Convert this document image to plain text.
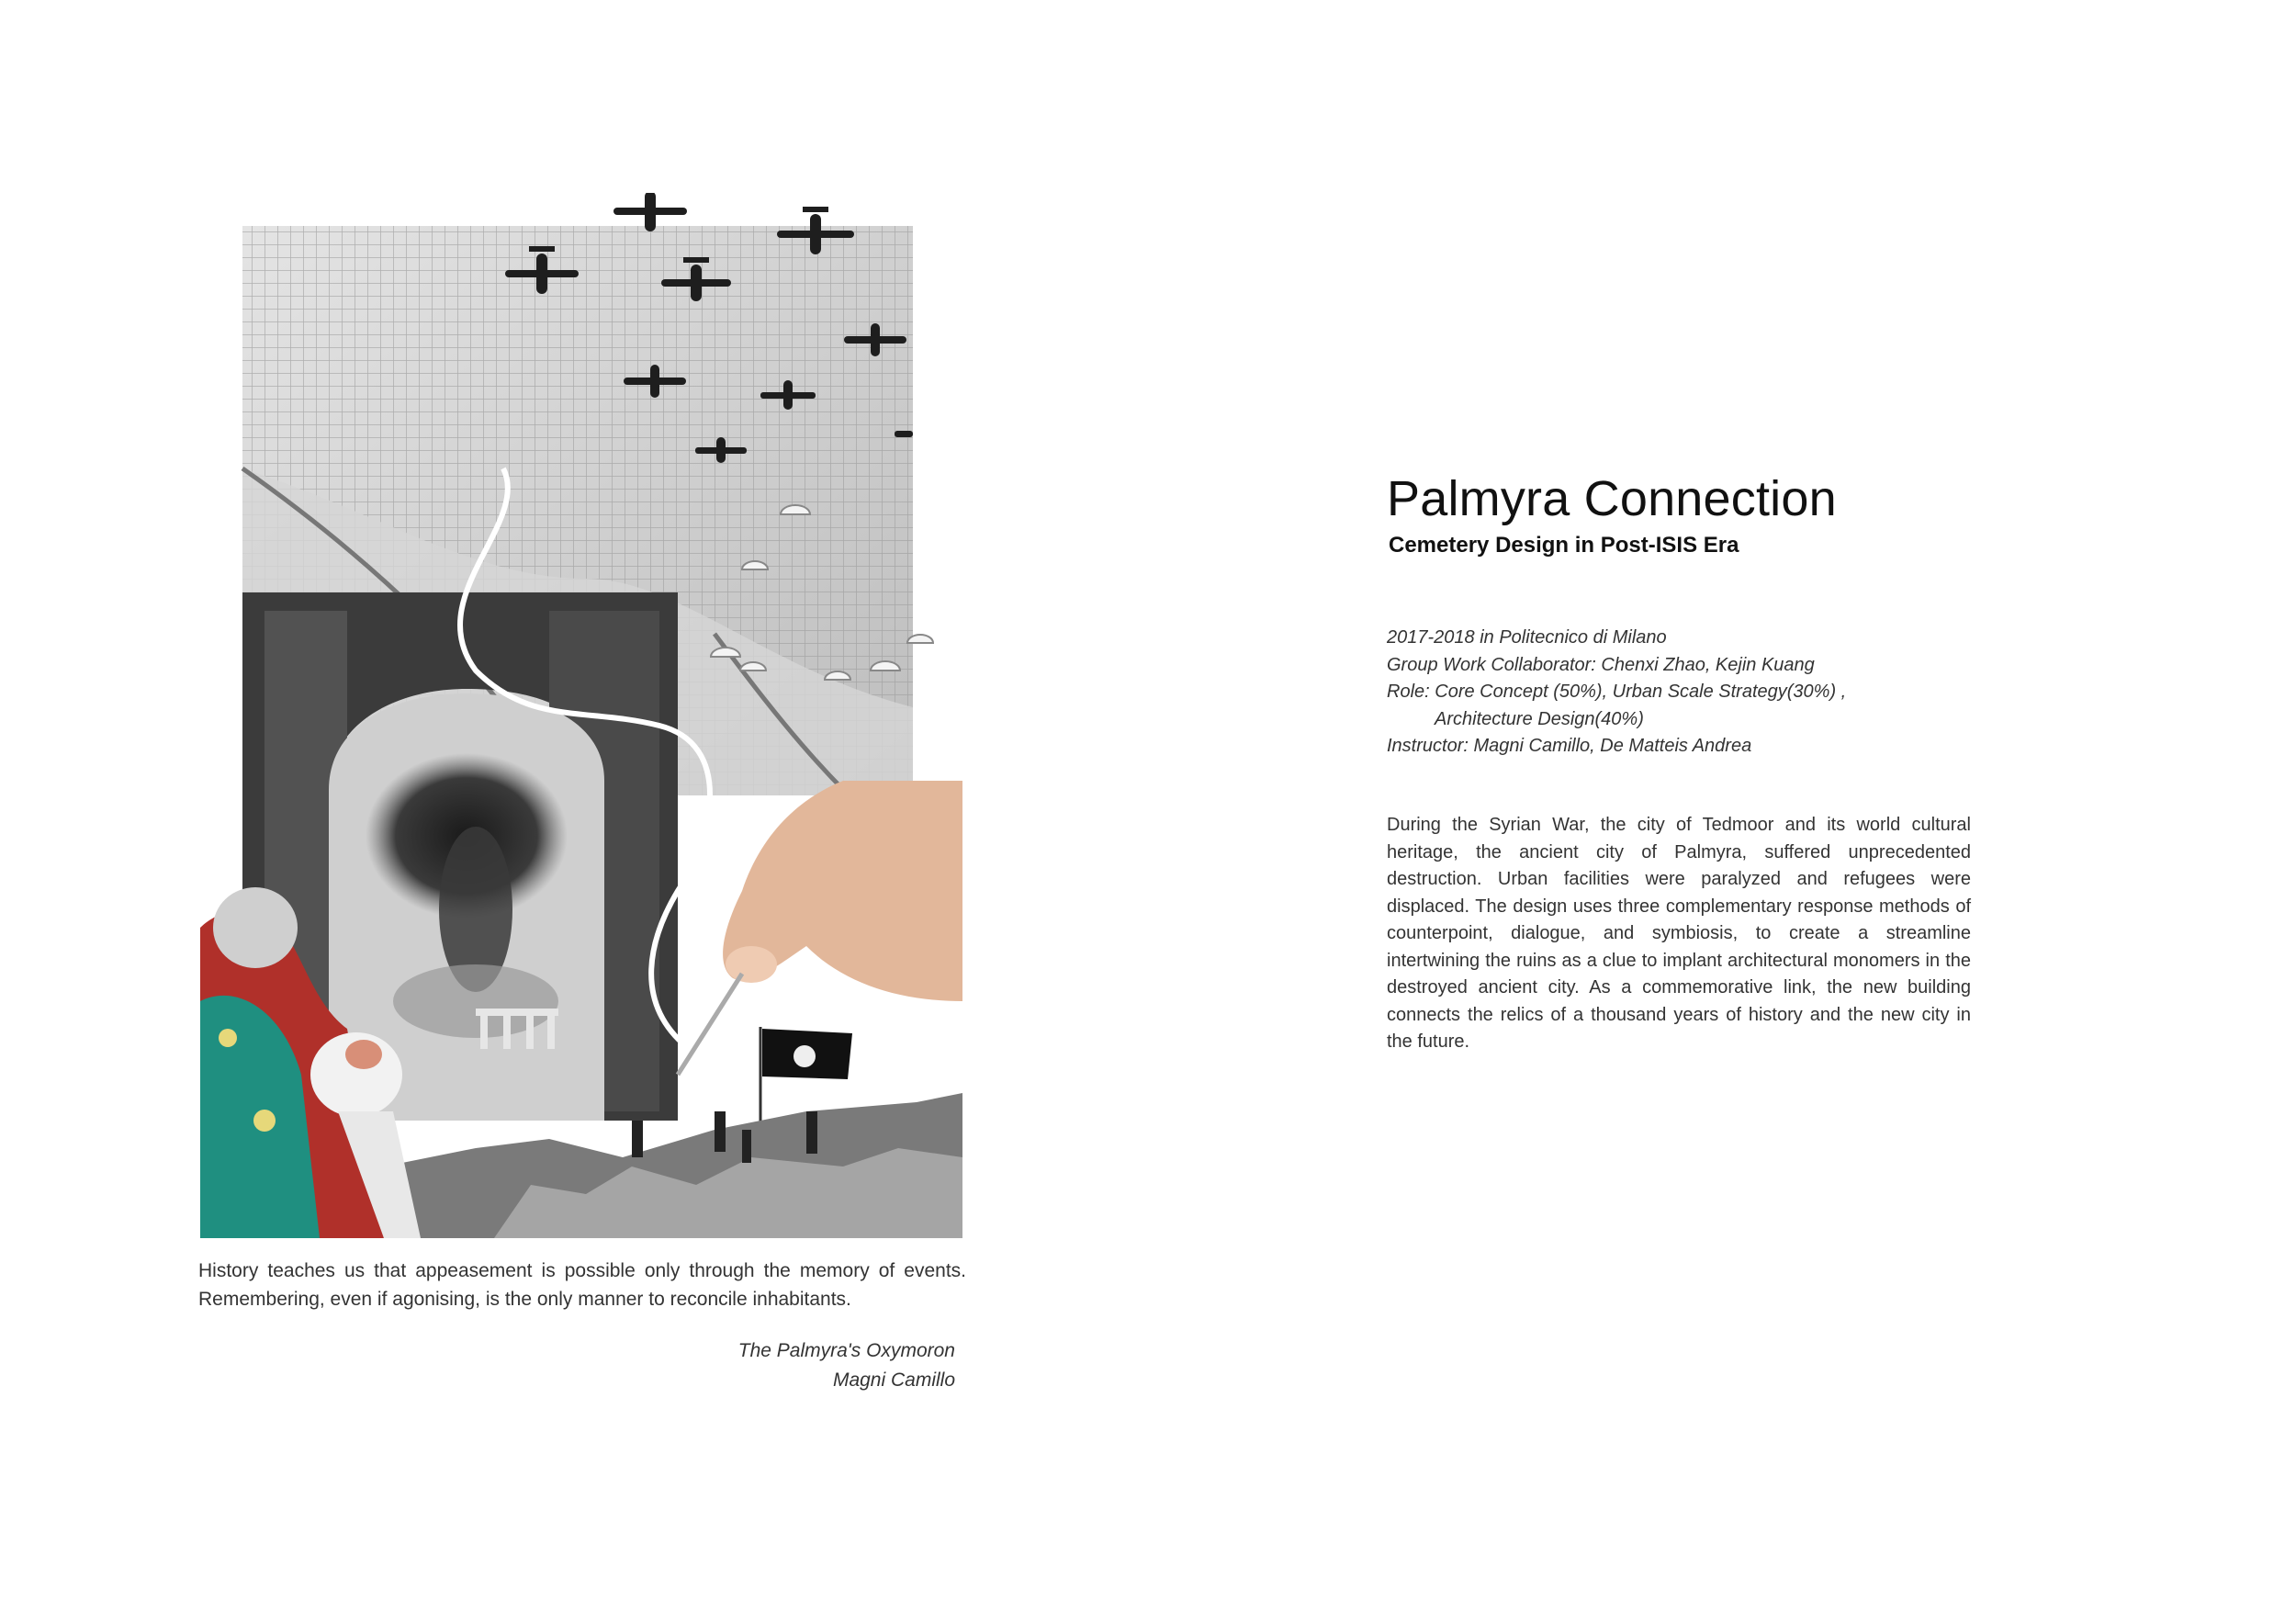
History teaches us that appeasement is possible only through the memory of events.

Remembering, even if agonising, is the only manner to reconcile inhabitants.

The Palmyra's Oxymoron
Magni Camillo
Palmyra Connection
Cemetery Design in Post-ISIS Era
2017-2018 in Politecnico di Milano
Group Work Collaborator: Chenxi Zhao, Kejin Kuang
Role: Core Concept (50%), Urban Scale Strategy(30%) ,
Architecture Design(40%)
Instructor: Magni Camillo, De Matteis Andrea

During the Syrian War, the city of Tedmoor and its world cultural heritage, the ancient city of Palmyra, suffered unprecedented destruction. Urban facilities were paralyzed and refugees were displaced. The design uses three complementary response methods of counterpoint, dialogue, and symbiosis, to create a streamline intertwining the ruins as a clue to implant architectural monomers in the destroyed ancient city. As a commemorative link, the new building connects the relics of a thousand years of history and the new city in the future.
